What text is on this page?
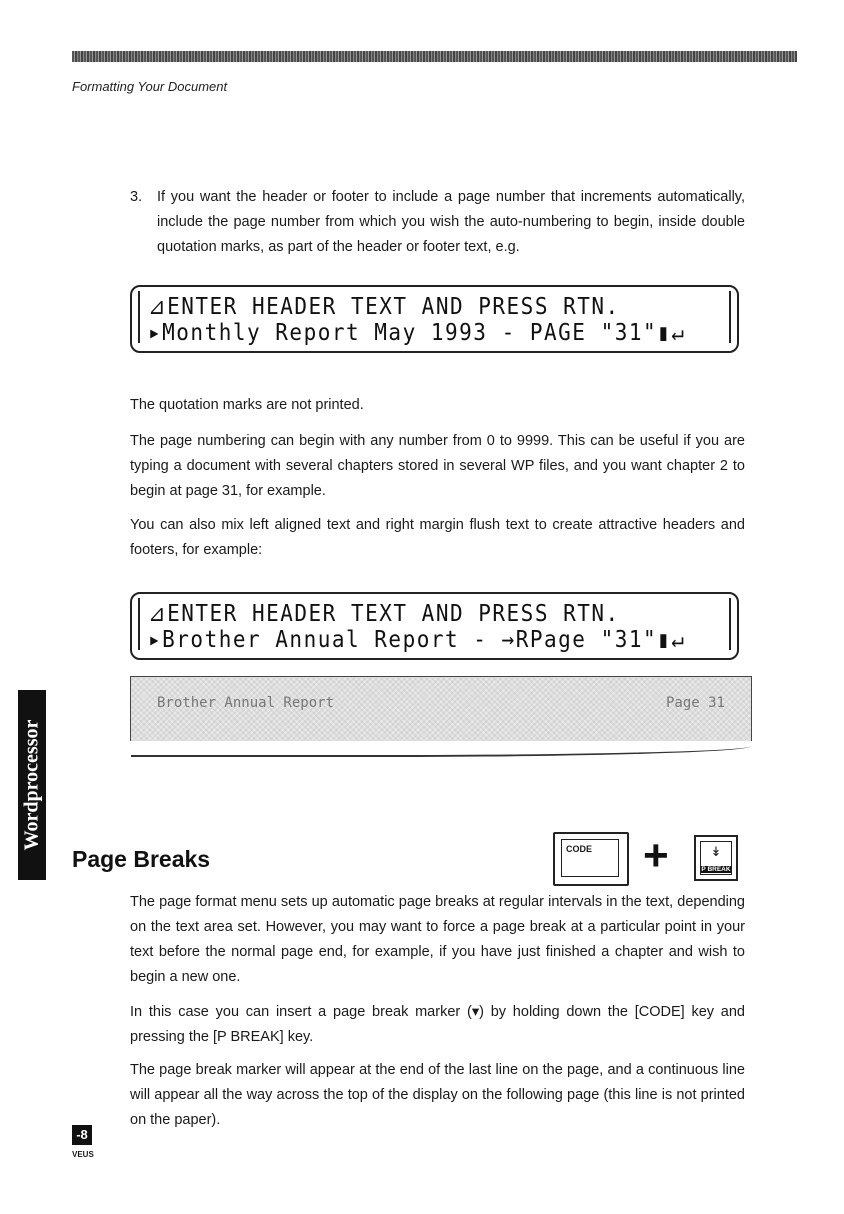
Formatting Your Document
3. If you want the header or footer to include a page number that increments automatically, include the page number from which you wish the auto-numbering to begin, inside double quotation marks, as part of the header or footer text, e.g.
⊿ENTER HEADER TEXT AND PRESS RTN.
▸Monthly Report May 1993 - PAGE "31"▮↵
The quotation marks are not printed.
The page numbering can begin with any number from 0 to 9999. This can be useful if you are typing a document with several chapters stored in several WP files, and you want chapter 2 to begin at page 31, for example.
You can also mix left aligned text and right margin flush text to create attractive headers and footers, for example:
⊿ENTER HEADER TEXT AND PRESS RTN.
▸Brother Annual Report - →RPage "31"▮↵
Brother Annual Report	Page 31
Wordprocessor
Page Breaks	CODE +	↡
P BREAK
The page format menu sets up automatic page breaks at regular intervals in the text, depending on the text area set. However, you may want to force a page break at a particular point in your text before the normal page end, for example, if you have just finished a chapter and wish to begin a new one.
In this case you can insert a page break marker (▾) by holding down the [CODE] key and pressing the [P BREAK] key.
The page break marker will appear at the end of the last line on the page, and a continuous line will appear all the way across the top of the display on the following page (this line is not printed on the paper).
-8
VEUS
